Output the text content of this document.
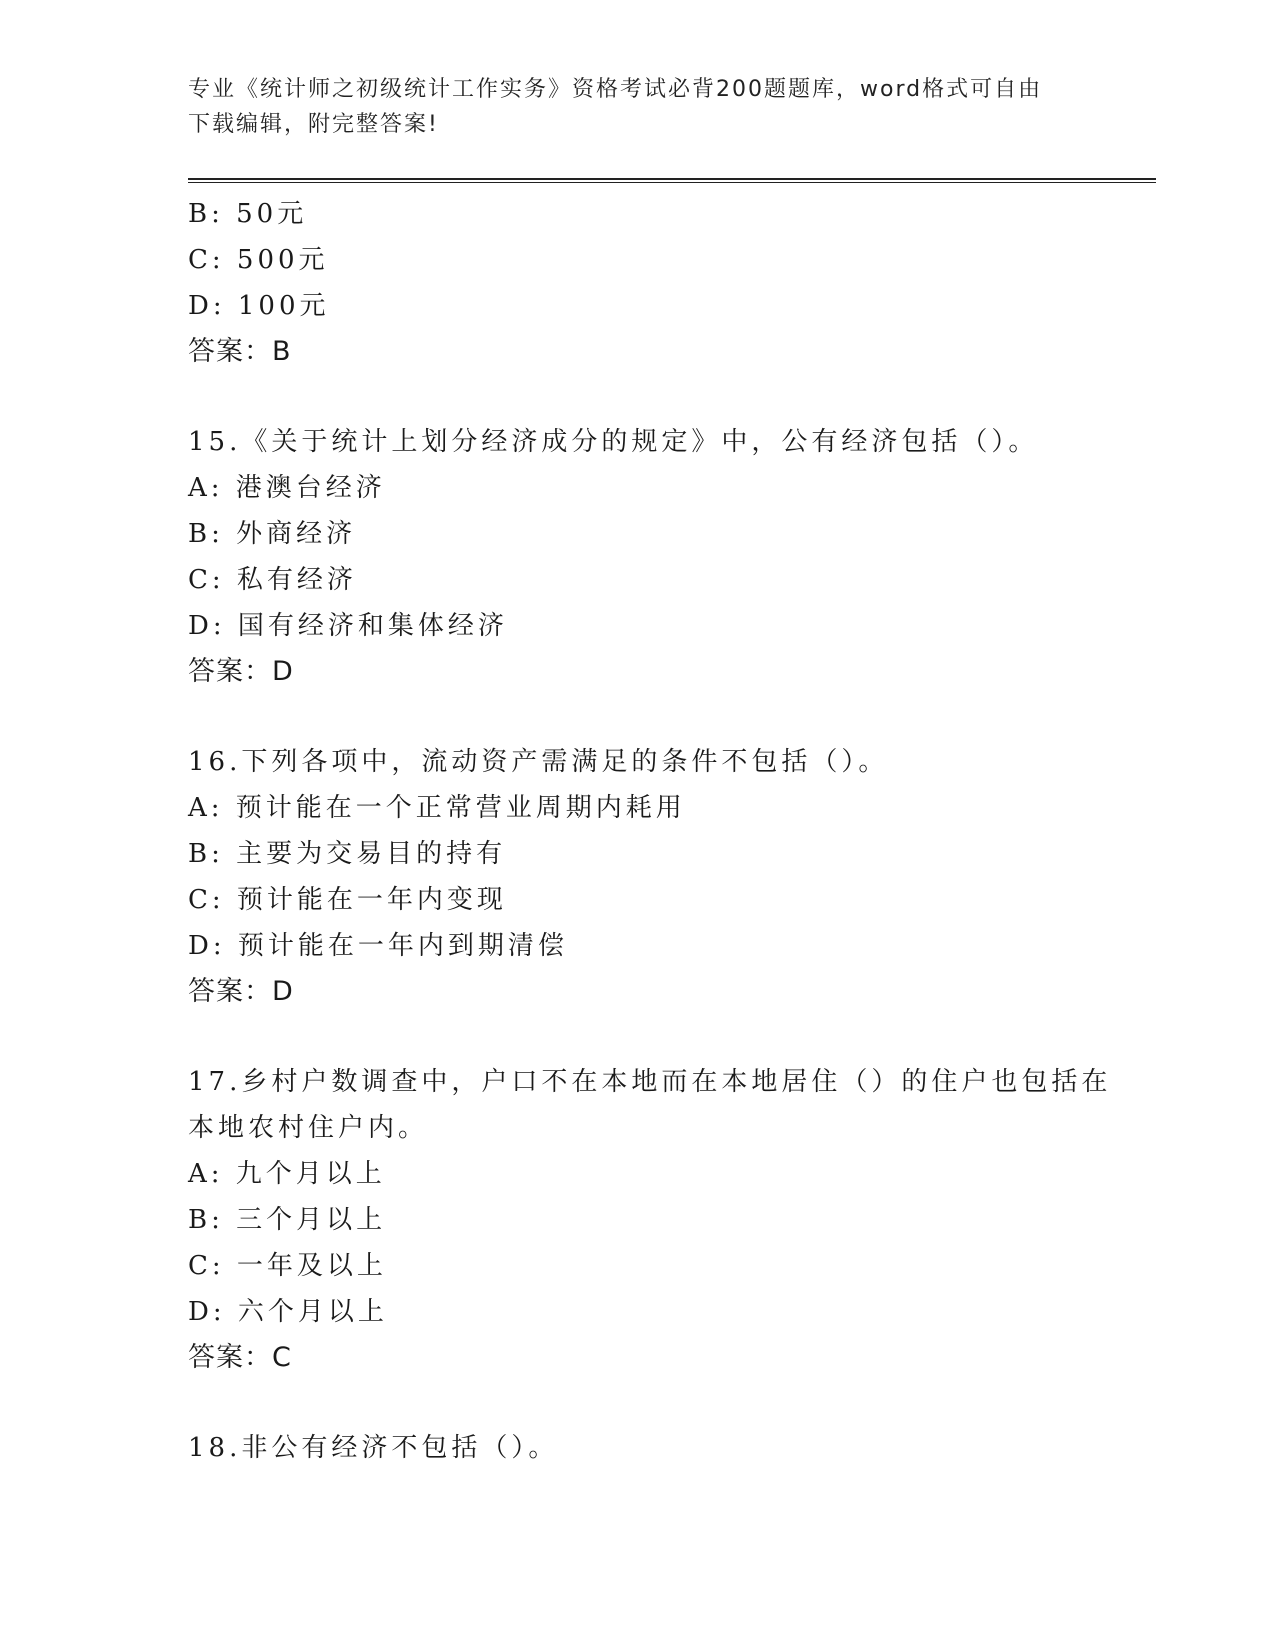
专业《统计师之初级统计工作实务》资格考试必背200题题库，word格式可自由
下载编辑，附完整答案!
B: 50元
C: 500元
D: 100元
答案：B
15.《关于统计上划分经济成分的规定》中，公有经济包括（）。
A: 港澳台经济
B: 外商经济
C: 私有经济
D: 国有经济和集体经济
答案：D
16.下列各项中，流动资产需满足的条件不包括（）。
A: 预计能在一个正常营业周期内耗用
B: 主要为交易目的持有
C: 预计能在一年内变现
D: 预计能在一年内到期清偿
答案：D
17.乡村户数调查中，户口不在本地而在本地居住（）的住户也包括在
本地农村住户内。
A: 九个月以上
B: 三个月以上
C: 一年及以上
D: 六个月以上
答案：C
18.非公有经济不包括（）。
